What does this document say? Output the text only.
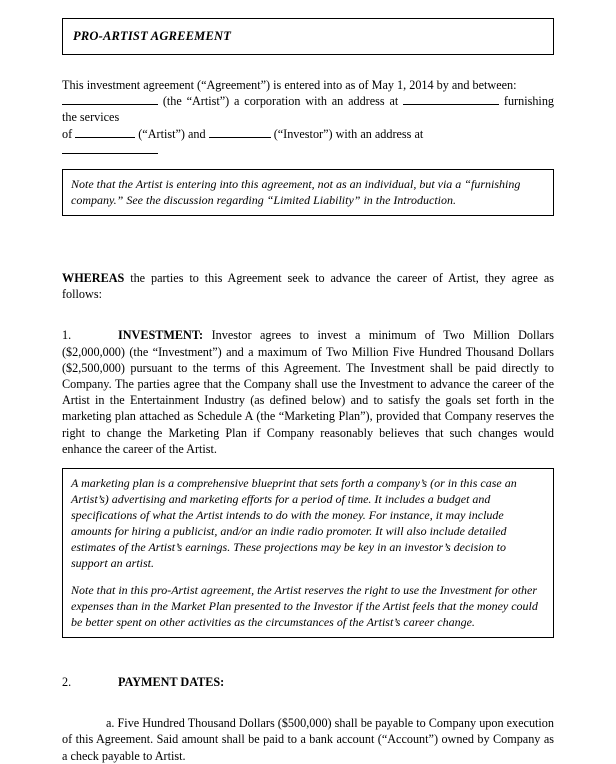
PRO-ARTIST AGREEMENT

This investment agreement (“Agreement”) is entered into as of May 1, 2014 by and between:
(the “Artist”) a corporation with an address at	furnishing the services
of	(“Artist”) and	(“Investor”) with an address at

Note that the Artist is entering into this agreement, not as an individual, but via a “furnishing company.” See the discussion regarding “Limited Liability” in the Introduction.

WHEREAS the parties to this Agreement seek to advance the career of Artist, they agree as follows:

1.	INVESTMENT: Investor agrees to invest a minimum of Two Million Dollars ($2,000,000) (the “Investment”) and a maximum of Two Million Five Hundred Thousand Dollars ($2,500,000) pursuant to the terms of this Agreement. The Investment shall be paid directly to Company. The parties agree that the Company shall use the Investment to advance the career of the Artist in the Entertainment Industry (as defined below) and to satisfy the goals set forth in the marketing plan attached as Schedule A (the “Marketing Plan”), provided that Company reserves the right to change the Marketing Plan if Company reasonably believes that such changes would enhance the career of the Artist.

A marketing plan is a comprehensive blueprint that sets forth a company’s (or in this case an Artist’s) advertising and marketing efforts for a period of time. It includes a budget and specifications of what the Artist intends to do with the money. For instance, it may include amounts for hiring a publicist, and/or an indie radio promoter. It will also include detailed estimates of the Artist’s earnings. These projections may be key in an investor’s decision to support an artist.

Note that in this pro-Artist agreement, the Artist reserves the right to use the Investment for other expenses than in the Market Plan presented to the Investor if the Artist feels that the money could be better spent on other activities as the circumstances of the Artist’s career change.

2.	PAYMENT DATES:

a. Five Hundred Thousand Dollars ($500,000) shall be payable to Company upon execution of this Agreement. Said amount shall be paid to a bank account (“Account”) owned by Company as a check payable to Artist.
